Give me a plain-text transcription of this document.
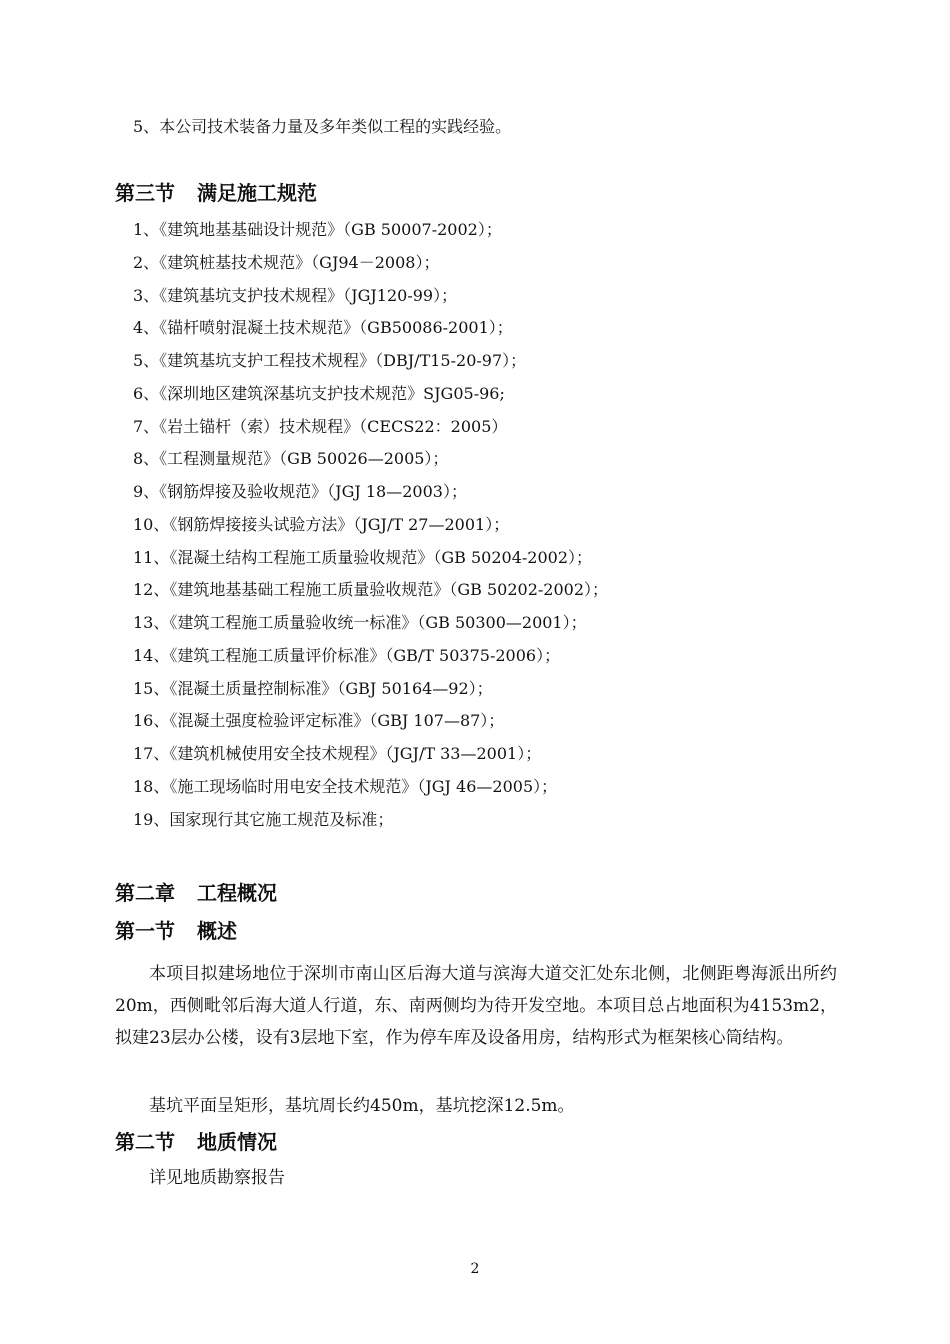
5、本公司技术装备力量及多年类似工程的实践经验。
第三节 满足施工规范
1、《建筑地基基础设计规范》（GB 50007-2002）；
2、《建筑桩基技术规范》（GJ94－2008）；
3、《建筑基坑支护技术规程》（JGJ120-99）；
4、《锚杆喷射混凝土技术规范》（GB50086-2001）；
5、《建筑基坑支护工程技术规程》（DBJ/T15-20-97）；
6、《深圳地区建筑深基坑支护技术规范》SJG05-96;
7、《岩土锚杆（索）技术规程》（CECS22：2005）
8、《工程测量规范》（GB 50026—2005）；
9、《钢筋焊接及验收规范》（JGJ 18—2003）；
10、《钢筋焊接接头试验方法》（JGJ/T 27—2001）；
11、《混凝土结构工程施工质量验收规范》（GB 50204-2002）；
12、《建筑地基基础工程施工质量验收规范》（GB 50202-2002）；
13、《建筑工程施工质量验收统一标准》（GB 50300—2001）；
14、《建筑工程施工质量评价标准》（GB/T 50375-2006）；
15、《混凝土质量控制标准》（GBJ 50164—92）；
16、《混凝土强度检验评定标准》（GBJ 107—87）；
17、《建筑机械使用安全技术规程》（JGJ/T 33—2001）；
18、《施工现场临时用电安全技术规范》（JGJ 46—2005）；
19、国家现行其它施工规范及标准；
第二章 工程概况
第一节 概述
本项目拟建场地位于深圳市南山区后海大道与滨海大道交汇处东北侧，北侧距粤海派出所约20m，西侧毗邻后海大道人行道，东、南两侧均为待开发空地。本项目总占地面积为4153m2，拟建23层办公楼，设有3层地下室，作为停车库及设备用房，结构形式为框架核心筒结构。
基坑平面呈矩形，基坑周长约450m，基坑挖深12.5m。
第二节 地质情况
详见地质勘察报告
2
